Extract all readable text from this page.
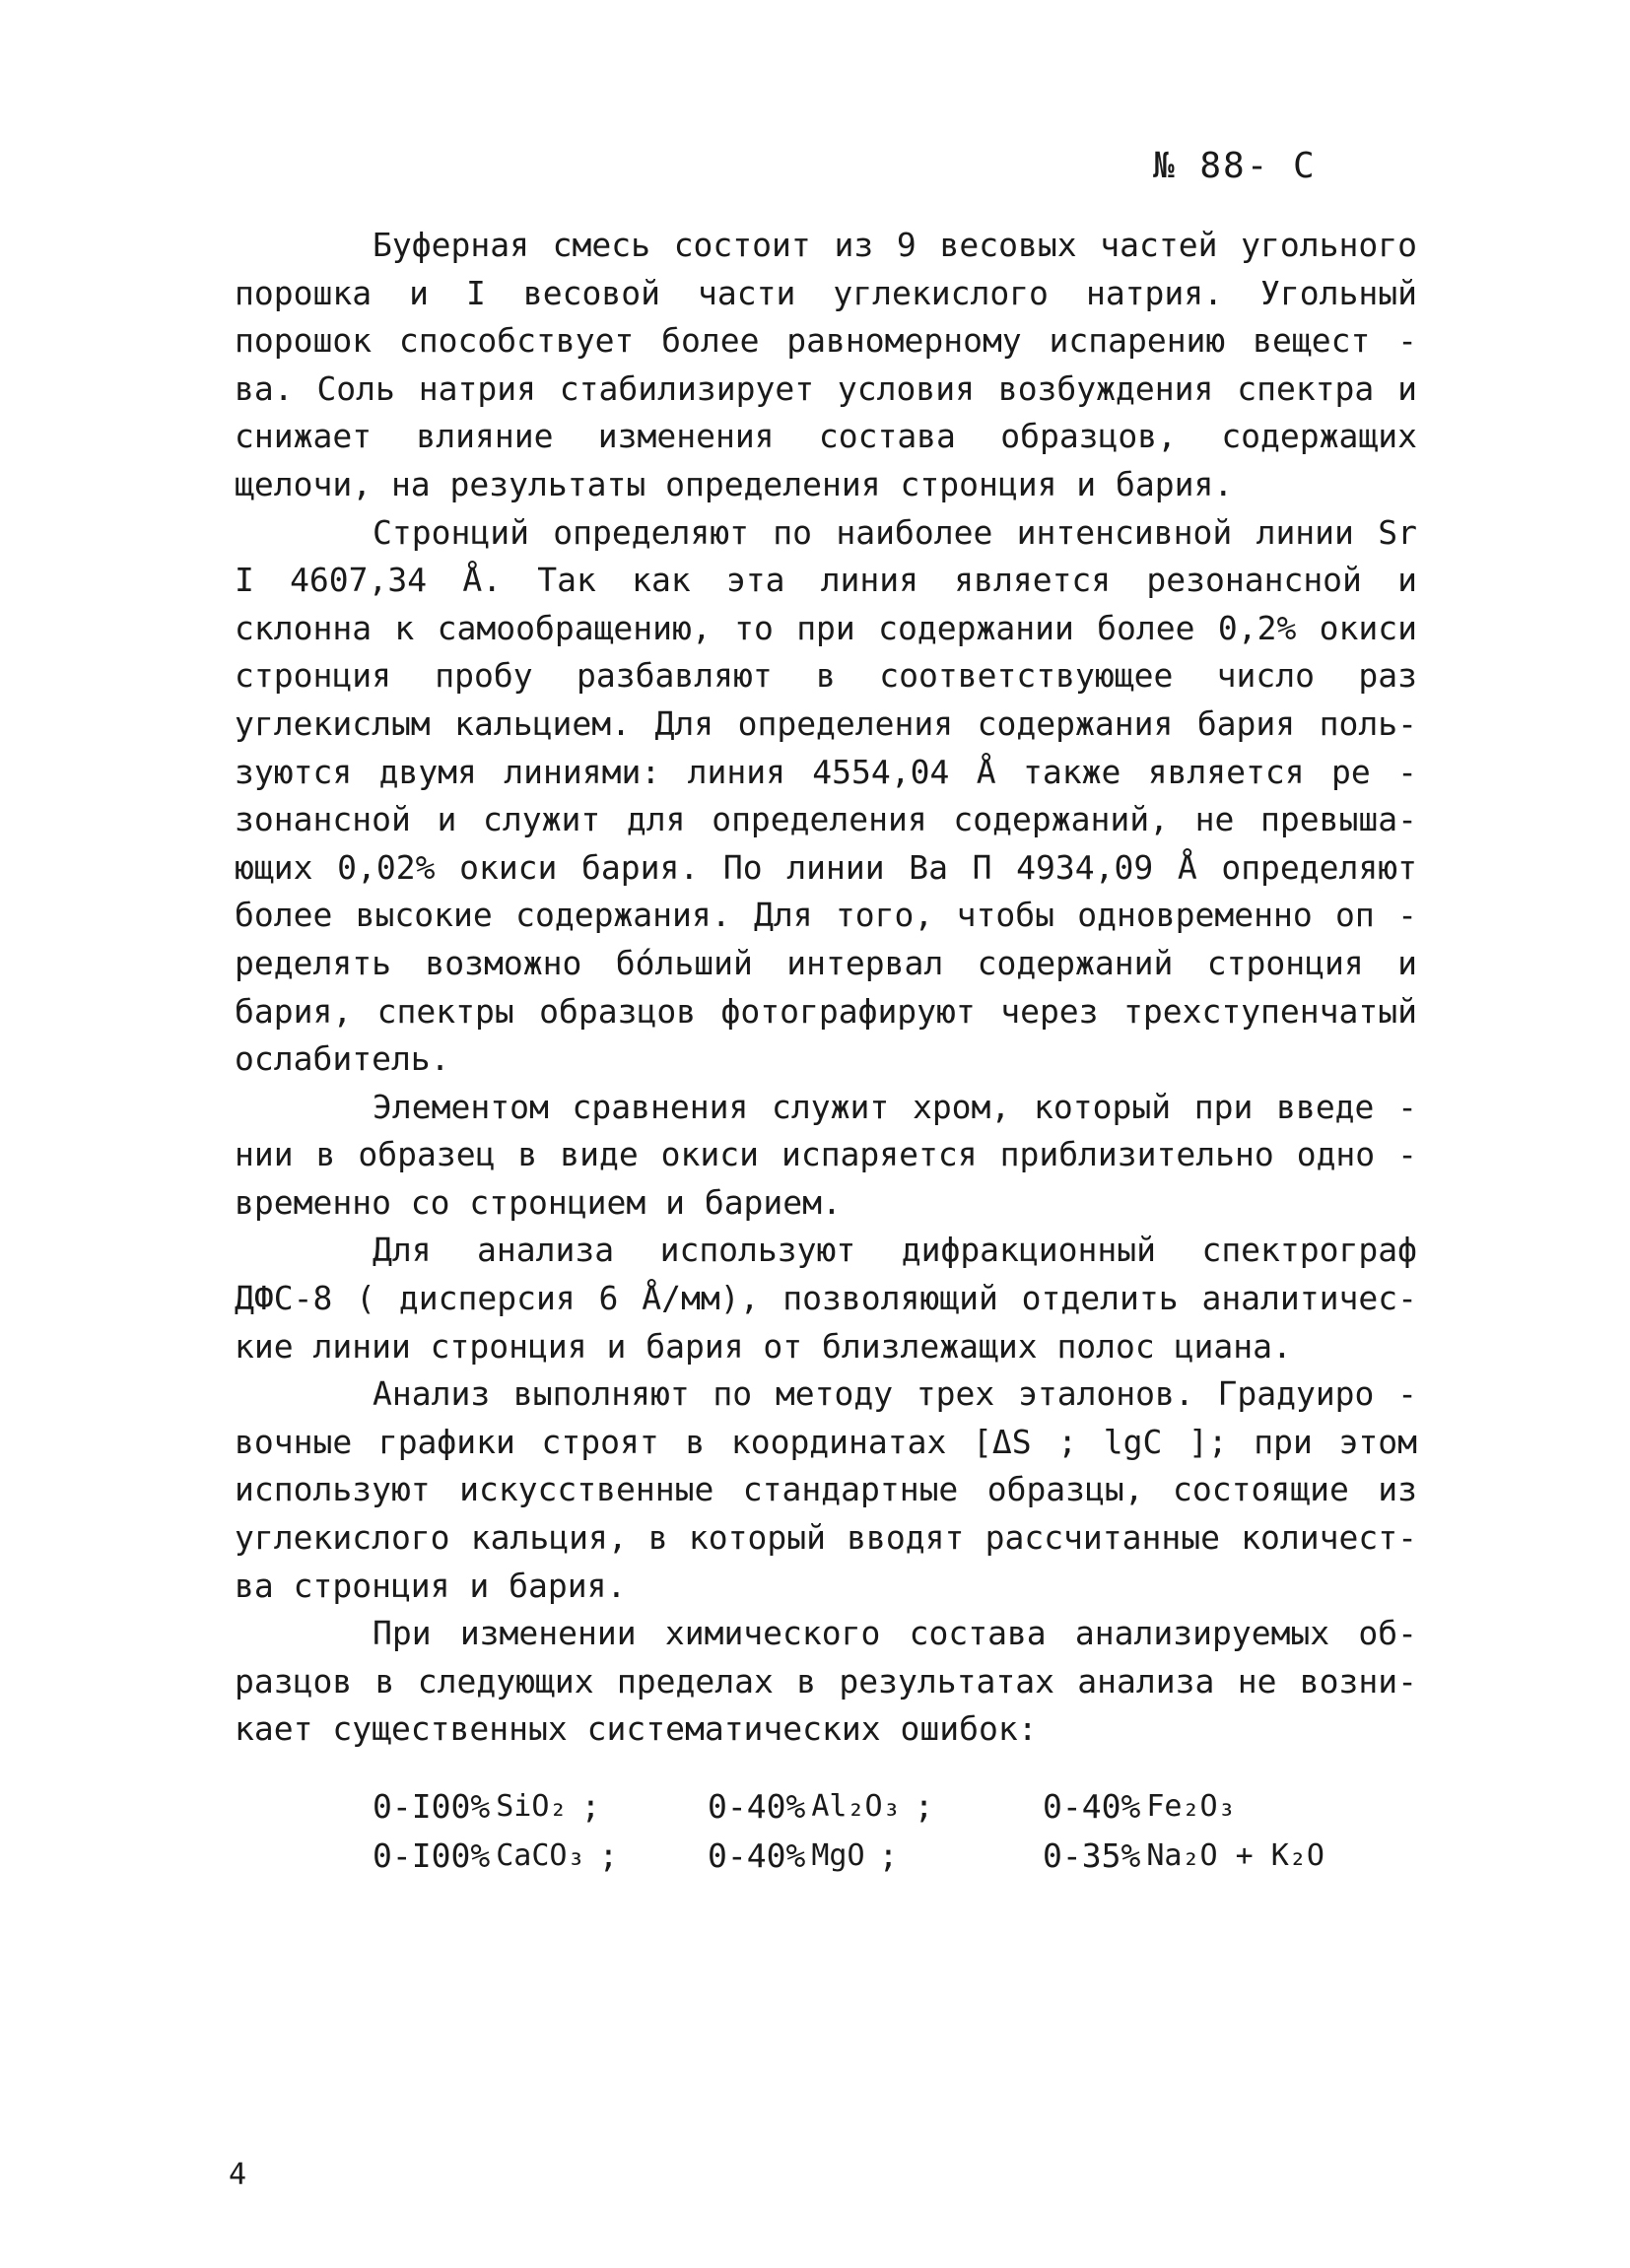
№ 88- С

Буферная смесь состоит из 9 весовых частей угольного порошка и I весовой части углекислого натрия. Угольный порошок способствует более равномерному испарению вещест - ва. Соль натрия стабилизирует условия возбуждения спектра и снижает влияние изменения состава образцов, содержащих щелочи, на результаты определения стронция и бария.

Стронций определяют по наиболее интенсивной линии Sr I 4607,34 Å. Так как эта линия является резонансной и склонна к самообращению, то при содержании более 0,2% окиси стронция пробу разбавляют в соответствующее число раз углекислым кальцием. Для определения содержания бария поль- зуются двумя линиями: линия 4554,04 Å также является ре - зонансной и служит для определения содержаний, не превыша- ющих 0,02% окиси бария. По линии Ва П 4934,09 Å определяют более высокие содержания. Для того, чтобы одновременно оп - ределять возможно бóльший интервал содержаний стронция и бария, спектры образцов фотографируют через трехступенчатый ослабитель.

Элементом сравнения служит хром, который при введе - нии в образец в виде окиси испаряется приблизительно одно - временно со стронцием и барием.

Для анализа используют дифракционный спектрограф ДФС-8 ( дисперсия 6 Å/мм), позволяющий отделить аналитичес- кие линии стронция и бария от близлежащих полос циана.

Анализ выполняют по методу трех эталонов. Градуиро - вочные графики строят в координатах [ΔS ; lgC ]; при этом используют искусственные стандартные образцы, состоящие из углекислого кальция, в который вводят рассчитанные количест- ва стронция и бария.

При изменении химического состава анализируемых об- разцов в следующих пределах в результатах анализа не возни- кает существенных систематических ошибок:

0-I00% SiO₂ ;	0-40% Al₂O₃ ;	0-40% Fe₂O₃
0-I00% CaCO₃ ;	0-40% MgO ;	0-35% Na₂O + K₂O
4
